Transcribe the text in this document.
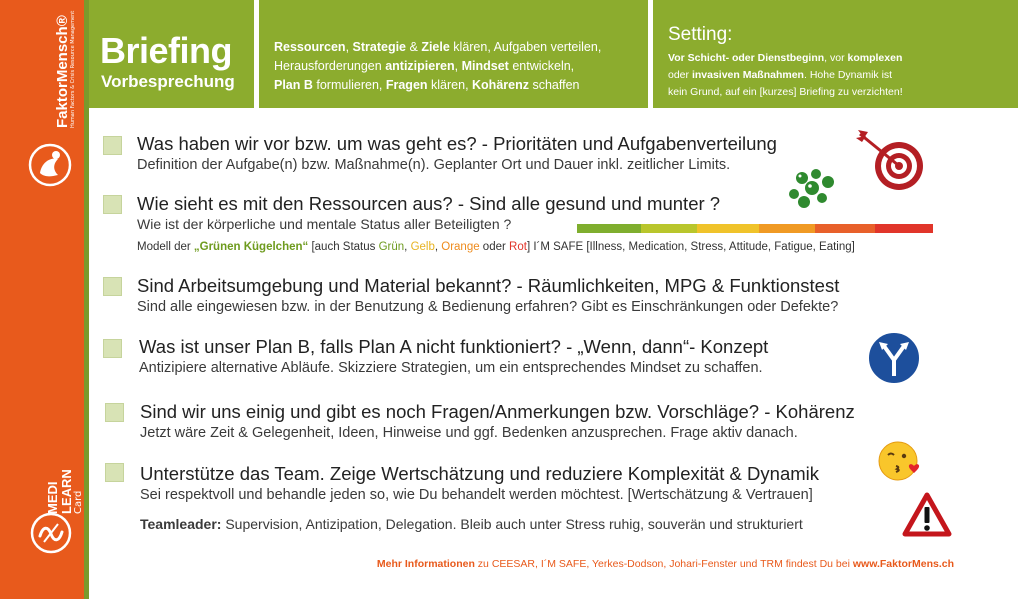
FaktorMensch® Human Factors & Crisis Resource Management
MEDI LEARN Card
Briefing
Vorbesprechung
Ressourcen, Strategie & Ziele klären, Aufgaben verteilen,
Herausforderungen antizipieren, Mindset entwickeln,
Plan B formulieren, Fragen klären, Kohärenz schaffen
Setting:
Vor Schicht- oder Dienstbeginn, vor komplexen
oder invasiven Maßnahmen. Hohe Dynamik ist
kein Grund, auf ein [kurzes] Briefing zu verzichten!
Was haben wir vor bzw. um was geht es? - Prioritäten und Aufgabenverteilung
Definition der Aufgabe(n) bzw. Maßnahme(n). Geplanter Ort und Dauer inkl. zeitlicher Limits.
Wie sieht es mit den Ressourcen aus? - Sind alle gesund und munter ?
Wie ist der körperliche und mentale Status aller Beteiligten ?
Modell der „Grünen Kügelchen“ [auch Status Grün, Gelb, Orange oder Rot] I´M SAFE [Illness, Medication, Stress, Attitude, Fatigue, Eating]
Sind Arbeitsumgebung und Material bekannt? - Räumlichkeiten, MPG & Funktionstest
Sind alle eingewiesen bzw. in der Benutzung & Bedienung erfahren? Gibt es Einschränkungen oder Defekte?
Was ist unser Plan B, falls Plan A nicht funktioniert? - „Wenn, dann“- Konzept
Antizipiere alternative Abläufe. Skizziere Strategien, um ein entsprechendes Mindset zu schaffen.
Sind wir uns einig und gibt es noch Fragen/Anmerkungen bzw. Vorschläge? - Kohärenz
Jetzt wäre Zeit & Gelegenheit, Ideen, Hinweise und ggf. Bedenken anzusprechen. Frage aktiv danach.
Unterstütze das Team. Zeige Wertschätzung und reduziere Komplexität & Dynamik
Sei respektvoll und behandle jeden so, wie Du behandelt werden möchtest. [Wertschätzung & Vertrauen]
Teamleader: Supervision, Antizipation, Delegation. Bleib auch unter Stress ruhig, souverän und strukturiert
Mehr Informationen zu CEESAR, I´M SAFE, Yerkes-Dodson, Johari-Fenster und TRM findest Du bei www.FaktorMens.ch
